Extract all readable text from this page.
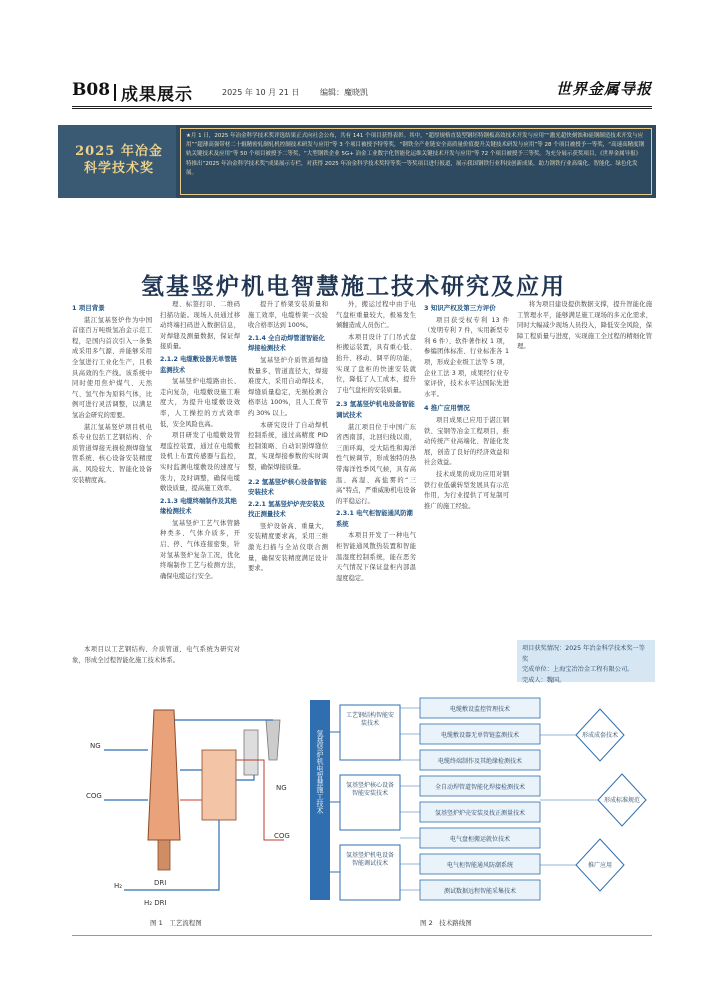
B08 成果展示	2025 年 10 月 21 日	编辑：魔晓凯	世界金属导报
2025 年冶金
科学技术奖
★月 1 日，2025 年冶金科学技术奖评选结果正式向社会公布，共有 141 个项目获得表彰。其中，“超厚规格直装型钢坯特钢板高效技术开发与应用”“激光超快刻蚀和硅钢制造技术开发与应用”“超薄高强带材二十辊精密轧制轧机控制技术研发与应用”等 3 个项目被授予特等奖，“钢铁全产业链安全高质量价值提升关键技术研发与应用”等 28 个项目被授予一等奖，“高速高精度钢轨关键技术及应用”等 50 个项目被授予二等奖，“大型钢铁企业 5G+ 冶金工业数字化智能化运维关键技术开发与应用”等 72 个项目被授予三等奖。为充分展示获奖项目，《世界金属导报》特推出“2025 年冶金科学技术奖”成果展示专栏，对获得 2025 年冶金科学技术奖特等奖一等奖项目进行报道，展示我国钢铁行业科技创新成果，助力钢铁行业高端化、智能化、绿色化发展。
氢基竖炉机电智慧施工技术研究及应用
1 项目背景

湛江氢基竖炉作为中国首座百万吨级氢冶金示范工程，是国内首次引入一条集成采用多气源、并能够采用全氢进行工业化生产，且极具高效的生产线。该系统中同时使用焦炉煤气、天然气、氢气作为原料气体，比例可进行灵活调整，以满足氢冶金研究的需要。

湛江氢基竖炉项目机电系专业包括工艺钢结构、介质管道焊接无损检测焊缝氢管系统、核心设备安装精度高、风险较大、智能化设备安装精度高。

理、标签打印、二维码扫描功能。现场人员通过移动终端扫码进入数据信息，对焊缝及测量数据，保证焊接质量。

2.1.2 电缆敷设器无单管链监测技术

氢基竖炉电缆路由长、走向复杂，电缆敷设施工难度大，为提升电缆敷设效率，人工操控的方式效率低，安全风险也高。

项目研发了电缆敷设管理监控装置，通过在电缆敷设机上布置传感器与监控，实时监测电缆敷设的速度与张力，及时调整，确保电缆敷设质量，提高施工效率。

2.1.3 电缆终端制作及其绝缘检测技术

氢基竖炉工艺气体管路种类多、气体介质多，开启、停、气体连接密集，针对氢基竖炉复杂工况，优化终端制作工艺与检测方法，确保电缆运行安全。

提升了桥架安装质量和施工效率，电缆桥架一次验收合格率达到 100%。

2.1.4 全自动焊管道智能化焊接检测技术

氢基竖炉介质管道焊缝数量多，管道直径大，焊接难度大，采用自动焊技术，焊缝质量稳定，无损检测合格率达 100%，且人工费节约 30% 以上。

本研究设计了自动焊机控制系统，通过高精度 PID 控制策略、自动识别焊缝位置，实现焊接参数的实时调整，确保焊接质量。

2.2 氢基竖炉核心设备智能安装技术
2.2.1 氢基竖炉炉壳安装及找正测量技术

竖炉设备高、重量大，安装精度要求高，采用三维激光扫描与全站仪联合测量，确保安装精度满足设计要求。

外，搬运过程中由于电气盘柜重量较大，极易发生倾翻造成人员伤亡。

本项目设计了门吊式盘柜搬运装置，具有重心低、抬升、移动、调平的功能，实现了盘柜的快速安装就位，降低了人工成本，提升了电气盘柜的安装质量。

2.3 氢基竖炉机电设备智能调试技术

湛江项目位于中国广东省西南部，北回归线以南，三面环海，受大陆性和海洋性气候调节，形成独特的热带海洋性季风气候，具有高温、高湿、高盐雾的“三高”特点，严重威胁机电设备的平稳运行。

2.3.1 电气柜智能通风防潮系统

本项目开发了一种电气柜智能通风散热装置和智能温湿度控制系统，能在恶劣天气情况下保证盘柜内部温湿度稳定。

3 知识产权及第三方评价

项目获受权专利 13 件（发明专利 7 件，实用新型专利 6 件）、软件著作权 1 项，参编团体标准、行业标准各 1 项，形成企业级工法等 5 项，企业工法 3 项，成果经行业专家评价，技术水平达国际先进水平。

4 推广应用情况

项目成果已应用于湛江钢铁、宝钢等冶金工程项目，推动传统产业高端化、智能化发展，创造了良好的经济效益和社会效益。

技术成果的成功应用对钢铁行业低碳转型发展具有示范作用，为行业提供了可复制可推广的施工经验。

将为项目建设提供数据支撑，提升智能化施工管理水平，能够满足施工现场的多元化需求，同时大幅减少现场人员投入，降低安全风险，保障工程质量与进度，实现施工全过程的精细化管理。

本项目以工艺钢结构、介质管道、电气系统为研究对象，形成全过程智能化施工技术体系。

项目获奖情况：2025 年冶金科学技术奖一等奖
完成单位：上海宝冶冶金工程有限公司。
完成人：魏国。
NG
COG
H₂	DRI
H₂ DRI
COG
NG
图 1　工艺流程图
氢基竖炉机电智慧施工技术
工艺钢结构智能安装技术
氢基竖炉核心设备智能安装技术
氢基竖炉机电设备智能调试技术
电缆敷设监控管理技术
电缆敷设器无单管链监测技术
电缆终端制作及其绝缘检测技术
全自动焊管道智能化焊接检测技术
氢基竖炉炉壳安装及找正测量技术
电气盘柜搬运就位技术
电气柜智能通风防潮系统
测试数据远程智能采集技术
形成成套技术
形成标准规范
推广应用
图 2　技术路线图
